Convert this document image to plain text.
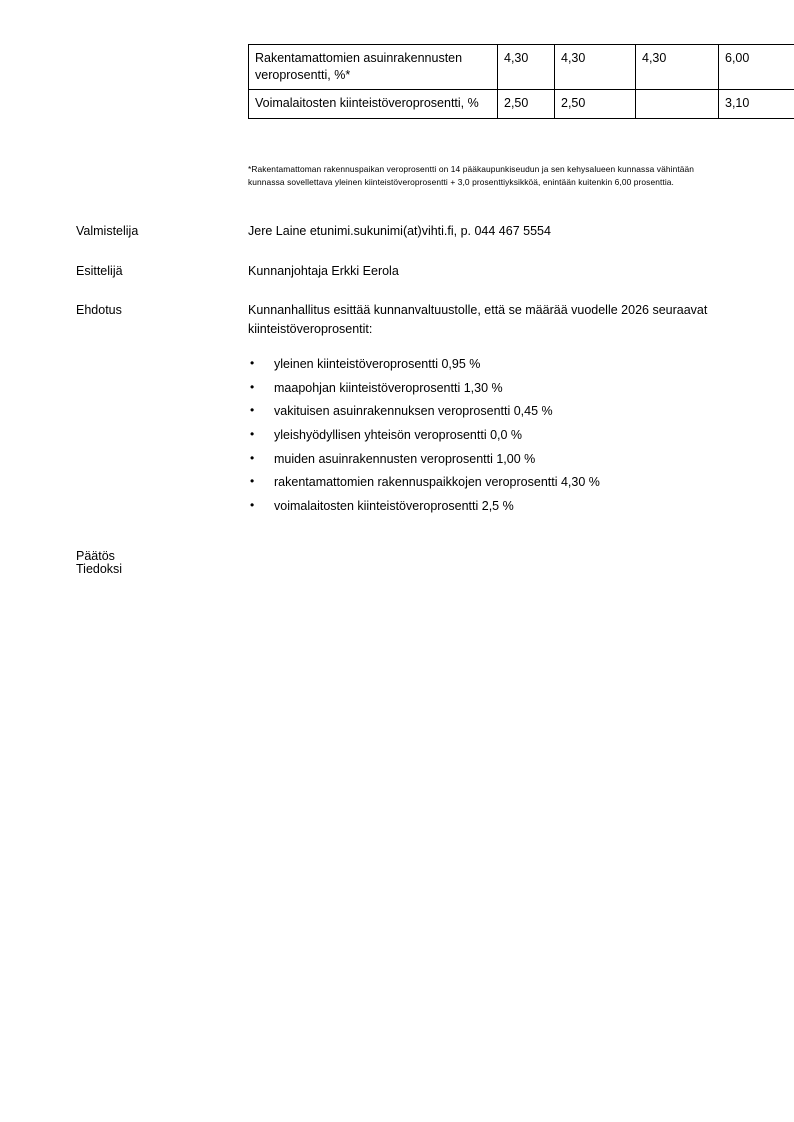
Rakentamattomien asuinrakennusten veroprosentti, %*	4,30	4,30	4,30	6,00
Voimalaitosten kiinteistöveroprosentti, %	2,50	2,50		3,10
*Rakentamattoman rakennuspaikan veroprosentti on 14 pääkaupunkiseudun ja sen kehysalueen kunnassa vähintään kunnassa sovellettava yleinen kiinteistöveroprosentti + 3,0 prosenttiyksikköä, enintään kuitenkin 6,00 prosenttia.
Valmistelija	Jere Laine etunimi.sukunimi(at)vihti.fi, p. 044 467 5554
Esittelijä	Kunnanjohtaja Erkki Eerola
Ehdotus	Kunnanhallitus esittää kunnanvaltuustolle, että se määrää vuodelle 2026 seuraavat kiinteistöveroprosentit:
• yleinen kiinteistöveroprosentti 0,95 %
• maapohjan kiinteistöveroprosentti 1,30 %
• vakituisen asuinrakennuksen veroprosentti 0,45 %
• yleishyödyllisen yhteisön veroprosentti 0,0 %
• muiden asuinrakennusten veroprosentti 1,00 %
• rakentamattomien rakennuspaikkojen veroprosentti 4,30 %
• voimalaitosten kiinteistöveroprosentti 2,5 %
Päätös
Tiedoksi
